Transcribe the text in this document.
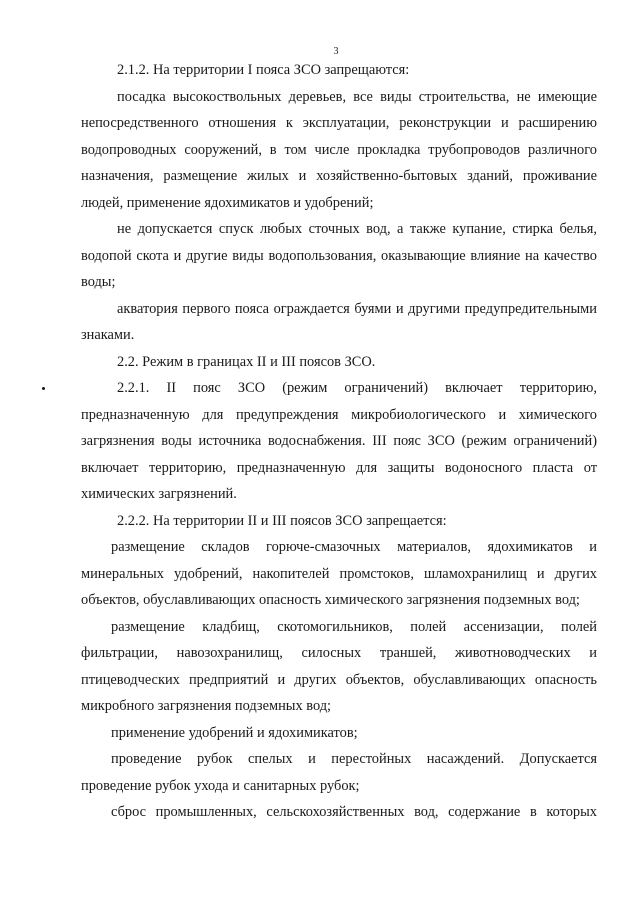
3

2.1.2. На территории I пояса ЗСО запрещаются:

посадка высокоствольных деревьев, все виды строительства, не имеющие непосредственного отношения к эксплуатации, реконструкции и расширению водопроводных сооружений, в том числе прокладка трубопроводов различного назначения, размещение жилых и хозяйственно-бытовых зданий, проживание людей, применение ядохимикатов и удобрений;

не допускается спуск любых сточных вод, а также купание, стирка белья, водопой скота и другие виды водопользования, оказывающие влияние на качество воды;

акватория первого пояса ограждается буями и другими предупредительными знаками.

2.2. Режим в границах II и III поясов ЗСО.

2.2.1. II пояс ЗСО (режим ограничений) включает территорию, предназначенную для предупреждения микробиологического и химического загрязнения воды источника водоснабжения. III пояс ЗСО (режим ограничений) включает территорию, предназначенную для защиты водоносного пласта от химических загрязнений.

2.2.2. На территории II и III поясов ЗСО запрещается:

размещение складов горюче-смазочных материалов, ядохимикатов и минеральных удобрений, накопителей промстоков, шламохранилищ и других объектов, обуславливающих опасность химического загрязнения подземных вод;

размещение кладбищ, скотомогильников, полей ассенизации, полей фильтрации, навозохранилищ, силосных траншей, животноводческих и птицеводческих предприятий и других объектов, обуславливающих опасность микробного загрязнения подземных вод;

применение удобрений и ядохимикатов;

проведение рубок спелых и перестойных насаждений. Допускается проведение рубок ухода и санитарных рубок;

сброс промышленных, сельскохозяйственных вод, содержание в которых
